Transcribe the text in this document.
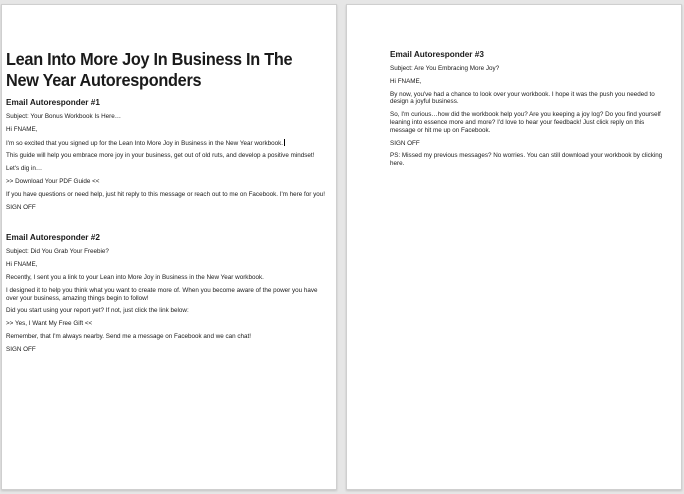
Lean Into More Joy In Business In The
New Year Autoresponders
Email Autoresponder #1

Subject: Your Bonus Workbook Is Here…

Hi FNAME,

I'm so excited that you signed up for the Lean Into More Joy in Business in the New Year workbook.

This guide will help you embrace more joy in your business, get out of old ruts, and develop a positive mindset!

Let's dig in…

>> Download Your PDF Guide <<

If you have questions or need help, just hit reply to this message or reach out to me on Facebook. I'm here for you!

SIGN OFF

Email Autoresponder #2

Subject: Did You Grab Your Freebie?

Hi FNAME,

Recently, I sent you a link to your Lean into More Joy in Business in the New Year workbook.

I designed it to help you think what you want to create more of. When you become aware of the power you have over your business, amazing things begin to follow!

Did you start using your report yet? If not, just click the link below:

>> Yes, I Want My Free Gift <<

Remember, that I'm always nearby. Send me a message on Facebook and we can chat!

SIGN OFF

Email Autoresponder #3

Subject: Are You Embracing More Joy?

Hi FNAME,

By now, you've had a chance to look over your workbook. I hope it was the push you needed to design a joyful business.

So, I'm curious…how did the workbook help you? Are you keeping a joy log? Do you find yourself leaning into essence more and more? I'd love to hear your feedback! Just click reply on this message or hit me up on Facebook.

SIGN OFF

PS: Missed my previous messages? No worries. You can still download your workbook by clicking here.
